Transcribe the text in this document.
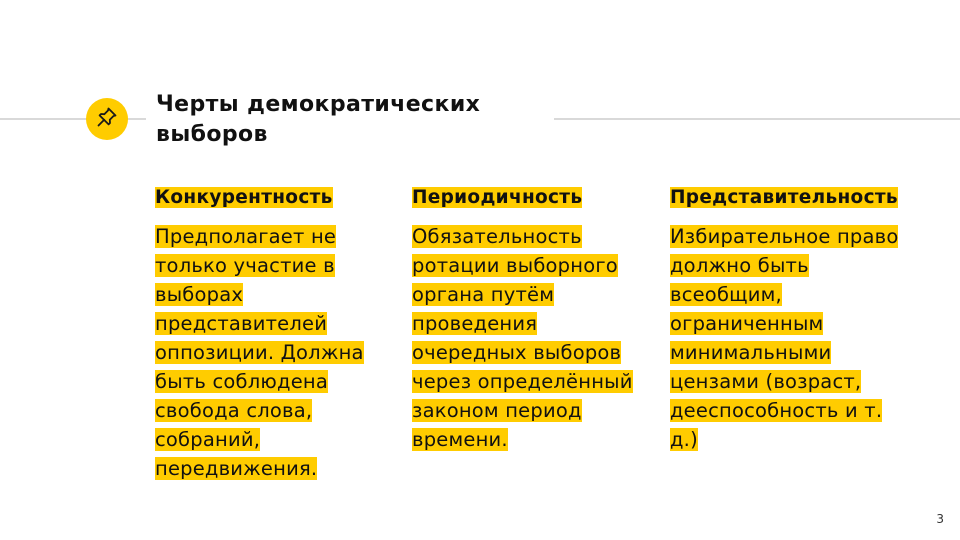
Черты демократических выборов

Конкурентность

Предполагает не только участие в выборах представителей оппозиции. Должна быть соблюдена свобода слова, собраний, передвижения.

Периодичность

Обязательность ротации выборного органа путём проведения очередных выборов через определённый законом период времени.

Представительность

Избирательное право должно быть всеобщим, ограниченным минимальными цензами (возраст, дееспособность и т. д.)

3
